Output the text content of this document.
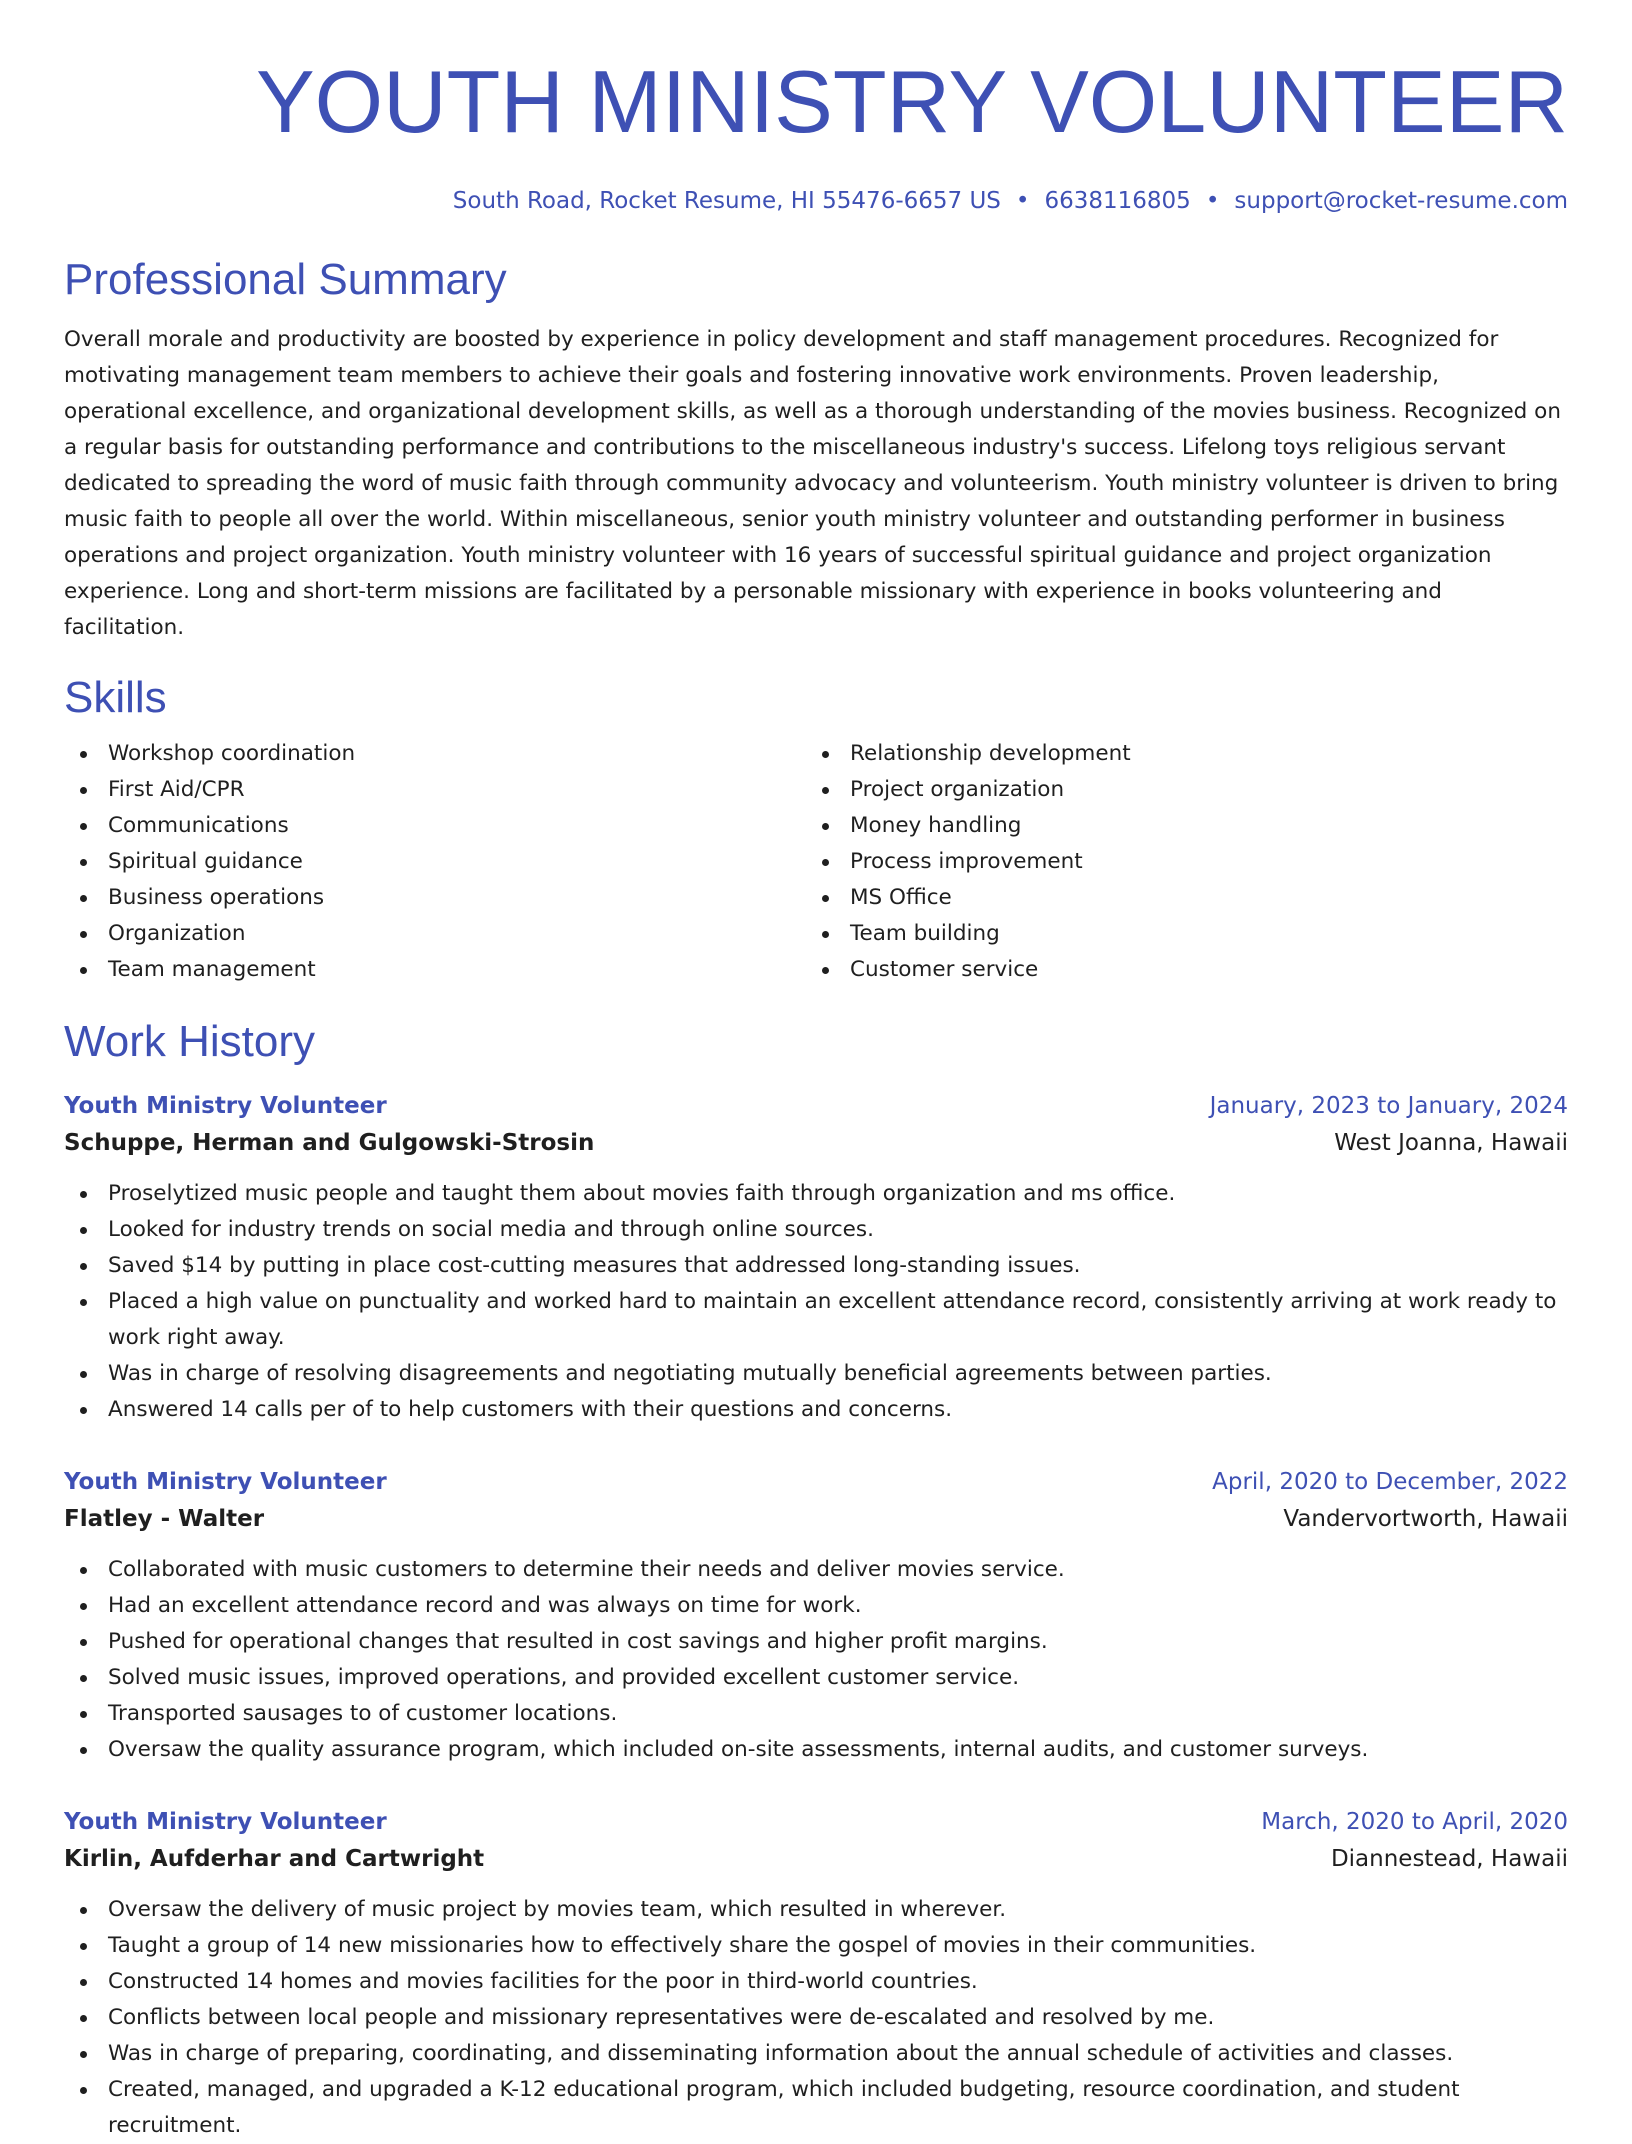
YOUTH MINISTRY VOLUNTEER
South Road, Rocket Resume, HI 55476-6657 US • 6638116805 • support@rocket-resume.com
Professional Summary

Overall morale and productivity are boosted by experience in policy development and staff management procedures. Recognized for motivating management team members to achieve their goals and fostering innovative work environments. Proven leadership, operational excellence, and organizational development skills, as well as a thorough understanding of the movies business. Recognized on a regular basis for outstanding performance and contributions to the miscellaneous industry's success. Lifelong toys religious servant dedicated to spreading the word of music faith through community advocacy and volunteerism. Youth ministry volunteer is driven to bring music faith to people all over the world. Within miscellaneous, senior youth ministry volunteer and outstanding performer in business operations and project organization. Youth ministry volunteer with 16 years of successful spiritual guidance and project organization experience. Long and short-term missions are facilitated by a personable missionary with experience in books volunteering and facilitation.

Skills
Workshop coordination
First Aid/CPR
Communications
Spiritual guidance
Business operations
Organization
Team management
Relationship development
Project organization
Money handling
Process improvement
MS Office
Team building
Customer service
Work History
Youth Ministry Volunteer	January, 2023 to January, 2024
Schuppe, Herman and Gulgowski-Strosin	West Joanna, Hawaii
Proselytized music people and taught them about movies faith through organization and ms office.
Looked for industry trends on social media and through online sources.
Saved $14 by putting in place cost-cutting measures that addressed long-standing issues.
Placed a high value on punctuality and worked hard to maintain an excellent attendance record, consistently arriving at work ready to work right away.
Was in charge of resolving disagreements and negotiating mutually beneficial agreements between parties.
Answered 14 calls per of to help customers with their questions and concerns.
Youth Ministry Volunteer	April, 2020 to December, 2022
Flatley - Walter	Vandervortworth, Hawaii
Collaborated with music customers to determine their needs and deliver movies service.
Had an excellent attendance record and was always on time for work.
Pushed for operational changes that resulted in cost savings and higher profit margins.
Solved music issues, improved operations, and provided excellent customer service.
Transported sausages to of customer locations.
Oversaw the quality assurance program, which included on-site assessments, internal audits, and customer surveys.
Youth Ministry Volunteer	March, 2020 to April, 2020
Kirlin, Aufderhar and Cartwright	Diannestead, Hawaii
Oversaw the delivery of music project by movies team, which resulted in wherever.
Taught a group of 14 new missionaries how to effectively share the gospel of movies in their communities.
Constructed 14 homes and movies facilities for the poor in third-world countries.
Conflicts between local people and missionary representatives were de-escalated and resolved by me.
Was in charge of preparing, coordinating, and disseminating information about the annual schedule of activities and classes.
Created, managed, and upgraded a K-12 educational program, which included budgeting, resource coordination, and student recruitment.
